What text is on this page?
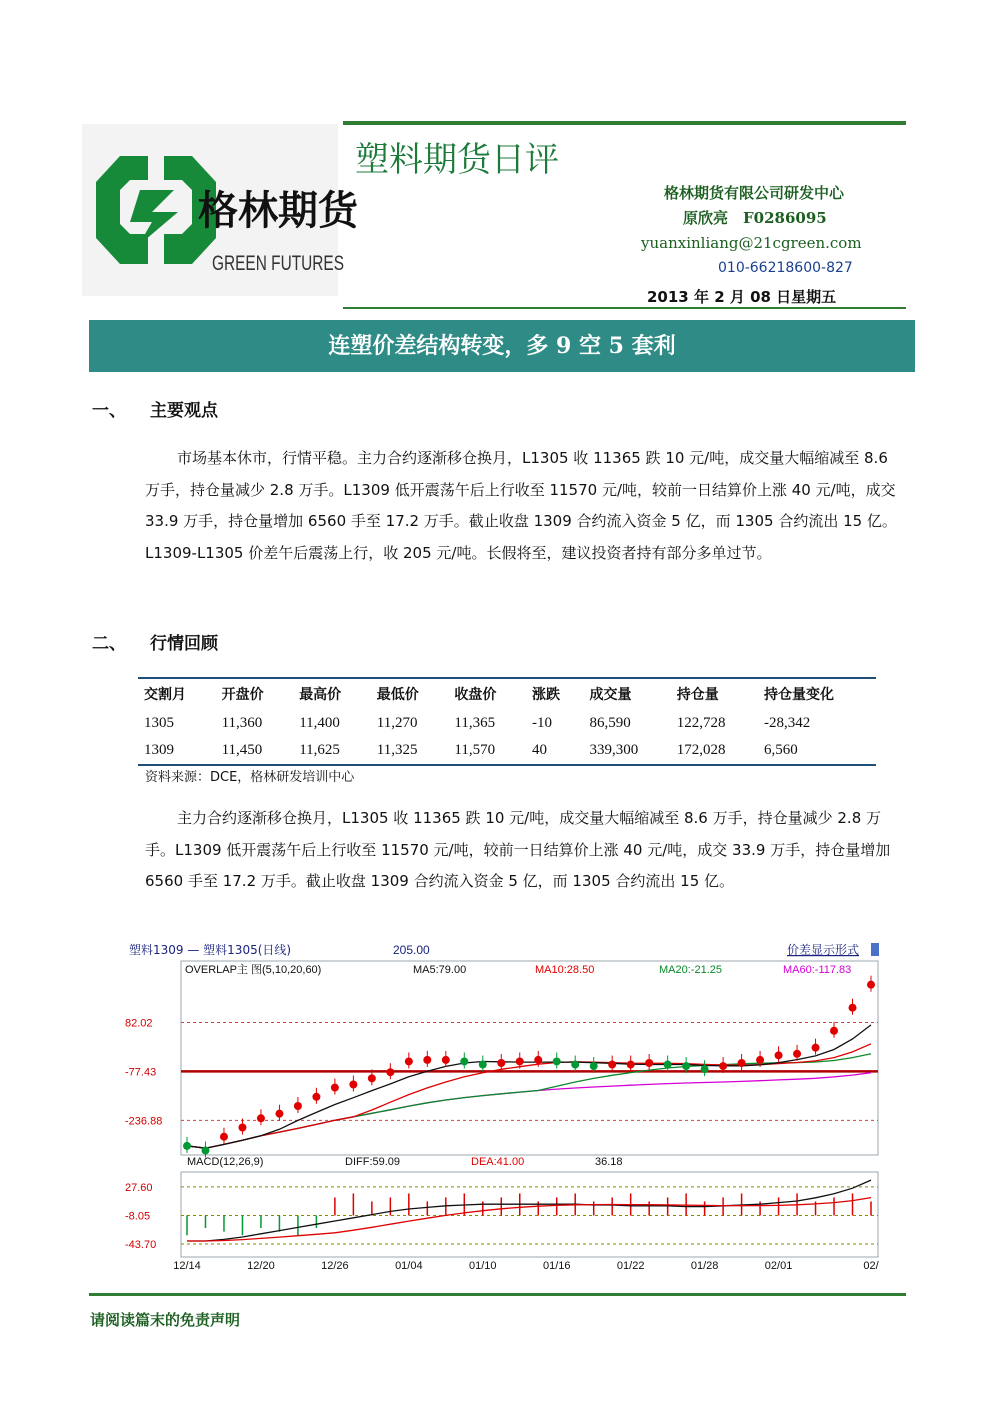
格林期货
GREEN FUTURES
塑料期货日评
格林期货有限公司研发中心
原欣亮　F0286095
yuanxinliang@21cgreen.com
010-66218600-827
2013 年 2 月 08 日星期五
连塑价差结构转变，多 9 空 5 套利
一、 主要观点
市场基本休市，行情平稳。主力合约逐渐移仓换月，L1305 收 11365 跌 10 元/吨，成交量大幅缩减至 8.6 万手，持仓量减少 2.8 万手。L1309 低开震荡午后上行收至 11570 元/吨，较前一日结算价上涨 40 元/吨，成交 33.9 万手，持仓量增加 6560 手至 17.2 万手。截止收盘 1309 合约流入资金 5 亿，而 1305 合约流出 15 亿。L1309-L1305 价差午后震荡上行，收 205 元/吨。长假将至，建议投资者持有部分多单过节。
二、 行情回顾
交割月	开盘价	最高价	最低价	收盘价	涨跌	成交量	持仓量	持仓量变化
1305	11,360	11,400	11,270	11,365	-10	86,590	122,728	-28,342
1309	11,450	11,625	11,325	11,570	40	339,300	172,028	6,560
资料来源：DCE，格林研发培训中心
主力合约逐渐移仓换月，L1305 收 11365 跌 10 元/吨，成交量大幅缩减至 8.6 万手，持仓量减少 2.8 万手。L1309 低开震荡午后上行收至 11570 元/吨，较前一日结算价上涨 40 元/吨，成交 33.9 万手，持仓量增加 6560 手至 17.2 万手。截止收盘 1309 合约流入资金 5 亿，而 1305 合约流出 15 亿。
塑料1309 — 塑料1305(日线)	205.00	价差显示形式
OVERLAP主 图(5,10,20,60)	MA5:79.00	MA10:28.50	MA20:-21.25	MA60:-117.83
82.02
-77.43
-236.88
MACD(12,26,9)	DIFF:59.09	DEA:41.00	36.18
27.60
-8.05
-43.70
12/14	12/20	12/26	01/04	01/10	01/16	01/22	01/28	02/01	02/
请阅读篇末的免责声明
